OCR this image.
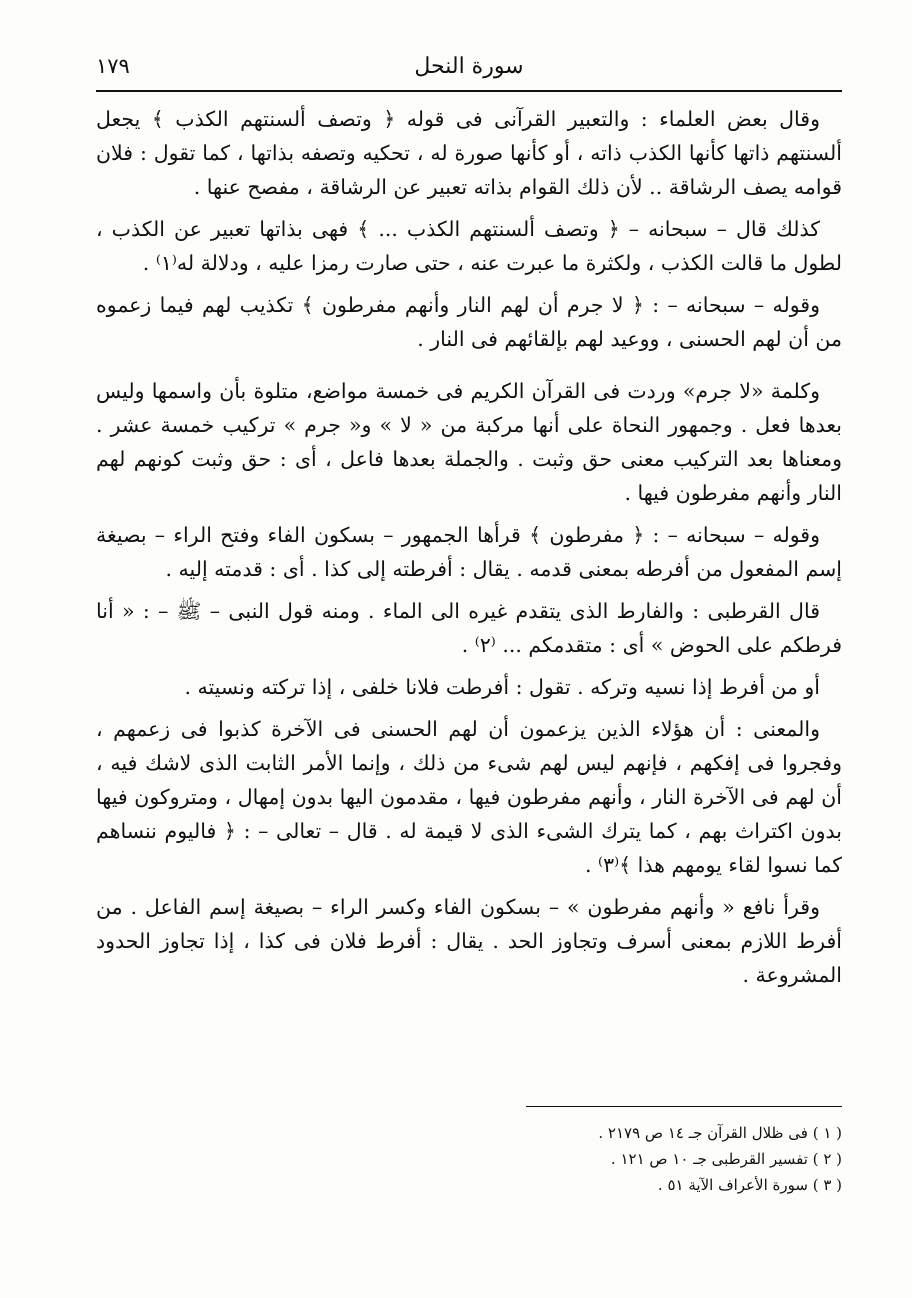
سورة النحل
١٧٩

وقال بعض العلماء : والتعبير القرآنى فى قوله ﴿ وتصف ألسنتهم الكذب ﴾ يجعل ألسنتهم ذاتها كأنها الكذب ذاته ، أو كأنها صورة له ، تحكيه وتصفه بذاتها ، كما تقول : فلان قوامه يصف الرشاقة .. لأن ذلك القوام بذاته تعبير عن الرشاقة ، مفصح عنها .

كذلك قال – سبحانه – ﴿ وتصف ألسنتهم الكذب ... ﴾ فهى بذاتها تعبير عن الكذب ، لطول ما قالت الكذب ، ولكثرة ما عبرت عنه ، حتى صارت رمزا عليه ، ودلالة له⁽١⁾ .

وقوله – سبحانه – : ﴿ لا جرم أن لهم النار وأنهم مفرطون ﴾ تكذيب لهم فيما زعموه من أن لهم الحسنى ، ووعيد لهم بإلقائهم فى النار .

وكلمة «لا جرم» وردت فى القرآن الكريم فى خمسة مواضع، متلوة بأن واسمها وليس بعدها فعل . وجمهور النحاة على أنها مركبة من « لا » و« جرم » تركيب خمسة عشر . ومعناها بعد التركيب معنى حق وثبت . والجملة بعدها فاعل ، أى : حق وثبت كونهم لهم النار وأنهم مفرطون فيها .

وقوله – سبحانه – : ﴿ مفرطون ﴾ قرأها الجمهور – بسكون الفاء وفتح الراء – بصيغة إسم المفعول من أفرطه بمعنى قدمه . يقال : أفرطته إلى كذا . أى : قدمته إليه .

قال القرطبى : والفارط الذى يتقدم غيره الى الماء . ومنه قول النبى – ﷺ – : « أنا فرطكم على الحوض » أى : متقدمكم ... ⁽٢⁾ .

أو من أفرط إذا نسيه وتركه . تقول : أفرطت فلانا خلفى ، إذا تركته ونسيته .

والمعنى : أن هؤلاء الذين يزعمون أن لهم الحسنى فى الآخرة كذبوا فى زعمهم ، وفجروا فى إفكهم ، فإنهم ليس لهم شىء من ذلك ، وإنما الأمر الثابت الذى لاشك فيه ، أن لهم فى الآخرة النار ، وأنهم مفرطون فيها ، مقدمون اليها بدون إمهال ، ومتروكون فيها بدون اكتراث بهم ، كما يترك الشىء الذى لا قيمة له . قال – تعالى – : ﴿ فاليوم ننساهم كما نسوا لقاء يومهم هذا ﴾⁽٣⁾ .

وقرأ نافع « وأنهم مفرطون » – بسكون الفاء وكسر الراء – بصيغة إسم الفاعل . من أفرط اللازم بمعنى أسرف وتجاوز الحد . يقال : أفرط فلان فى كذا ، إذا تجاوز الحدود المشروعة .

( ١ ) فى ظلال القرآن جـ ١٤ ص ٢١٧٩ .
( ٢ ) تفسير القرطبى جـ ١٠ ص ١٢١ .
( ٣ ) سورة الأعراف الآية ٥١ .
